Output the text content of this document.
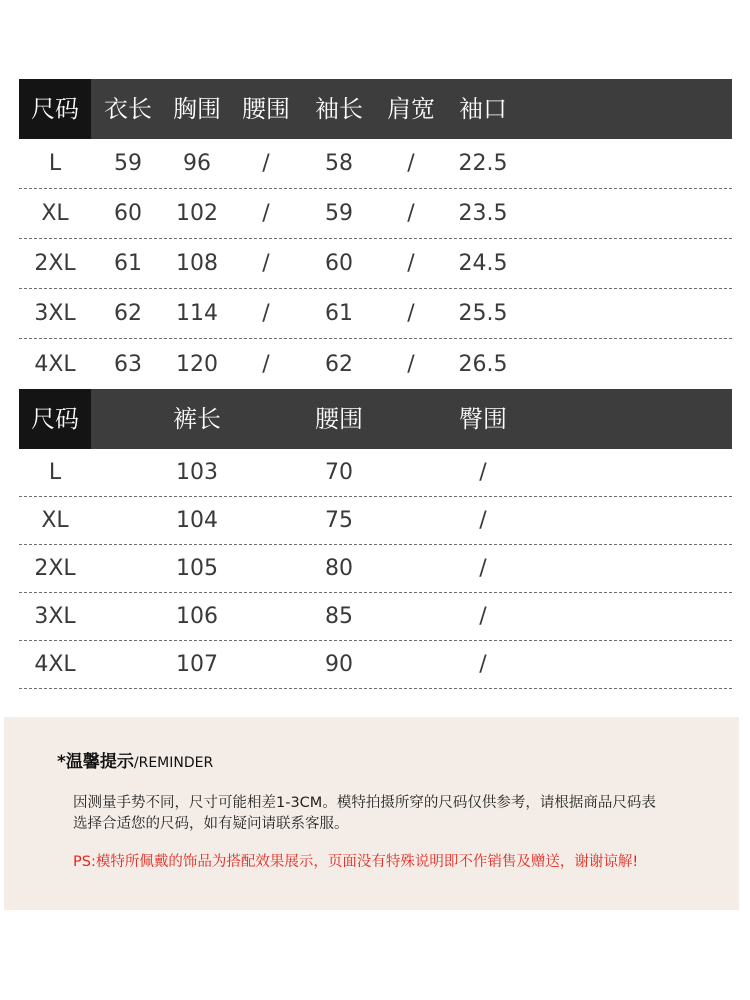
尺码 衣长 胸围 腰围 袖长 肩宽 袖口
L 59 96 /	58 / 22.5
XL 60 102 /	59 / 23.5
2XL 61 108 /	60 / 24.5
3XL 62 114 /	61 / 25.5
4XL 63 120 /	62 / 26.5
尺码	裤长	腰围	臀围
L	103	70	/
XL	104	75	/
2XL	105	80	/
3XL	106	85	/
4XL	107	90	/
*温馨提示/REMINDER
因测量手势不同，尺寸可能相差1-3CM。模特拍摄所穿的尺码仅供参考，请根据商品尺码表
选择合适您的尺码，如有疑问请联系客服。
PS:模特所佩戴的饰品为搭配效果展示，页面没有特殊说明即不作销售及赠送，谢谢谅解!
